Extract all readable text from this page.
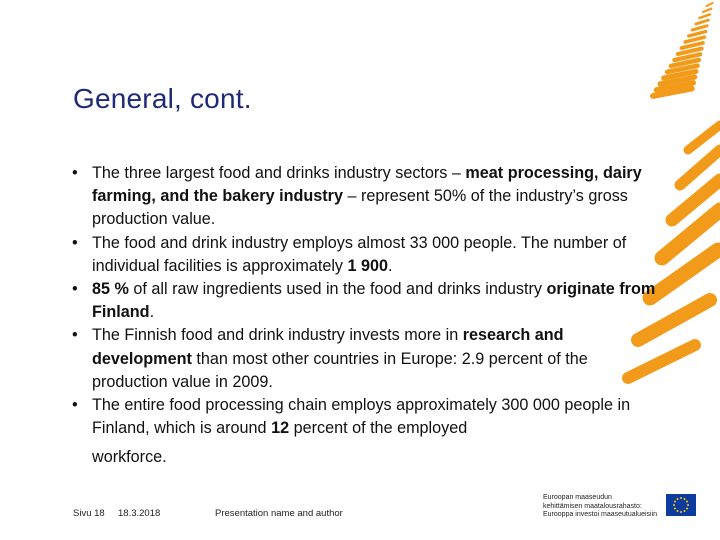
General, cont.

• The three largest food and drinks industry sectors – meat processing, dairy farming, and the bakery industry – represent 50% of the industry’s gross production value.

• The food and drink industry employs almost 33 000 people. The number of individual facilities is approximately 1 900.

• 85 % of all raw ingredients used in the food and drinks industry originate from Finland.

• The Finnish food and drink industry invests more in research and development than most other countries in Europe: 2.9 percent of the production value in 2009.

• The entire food processing chain employs approximately 300 000 people in Finland, which is around 12 percent of the employed
workforce.

Sivu 18 18.3.2018	Presentation name and author
Euroopan maaseudun
kehittämisen maatalousrahasto:
Eurooppa investoi maaseutualueisiin
